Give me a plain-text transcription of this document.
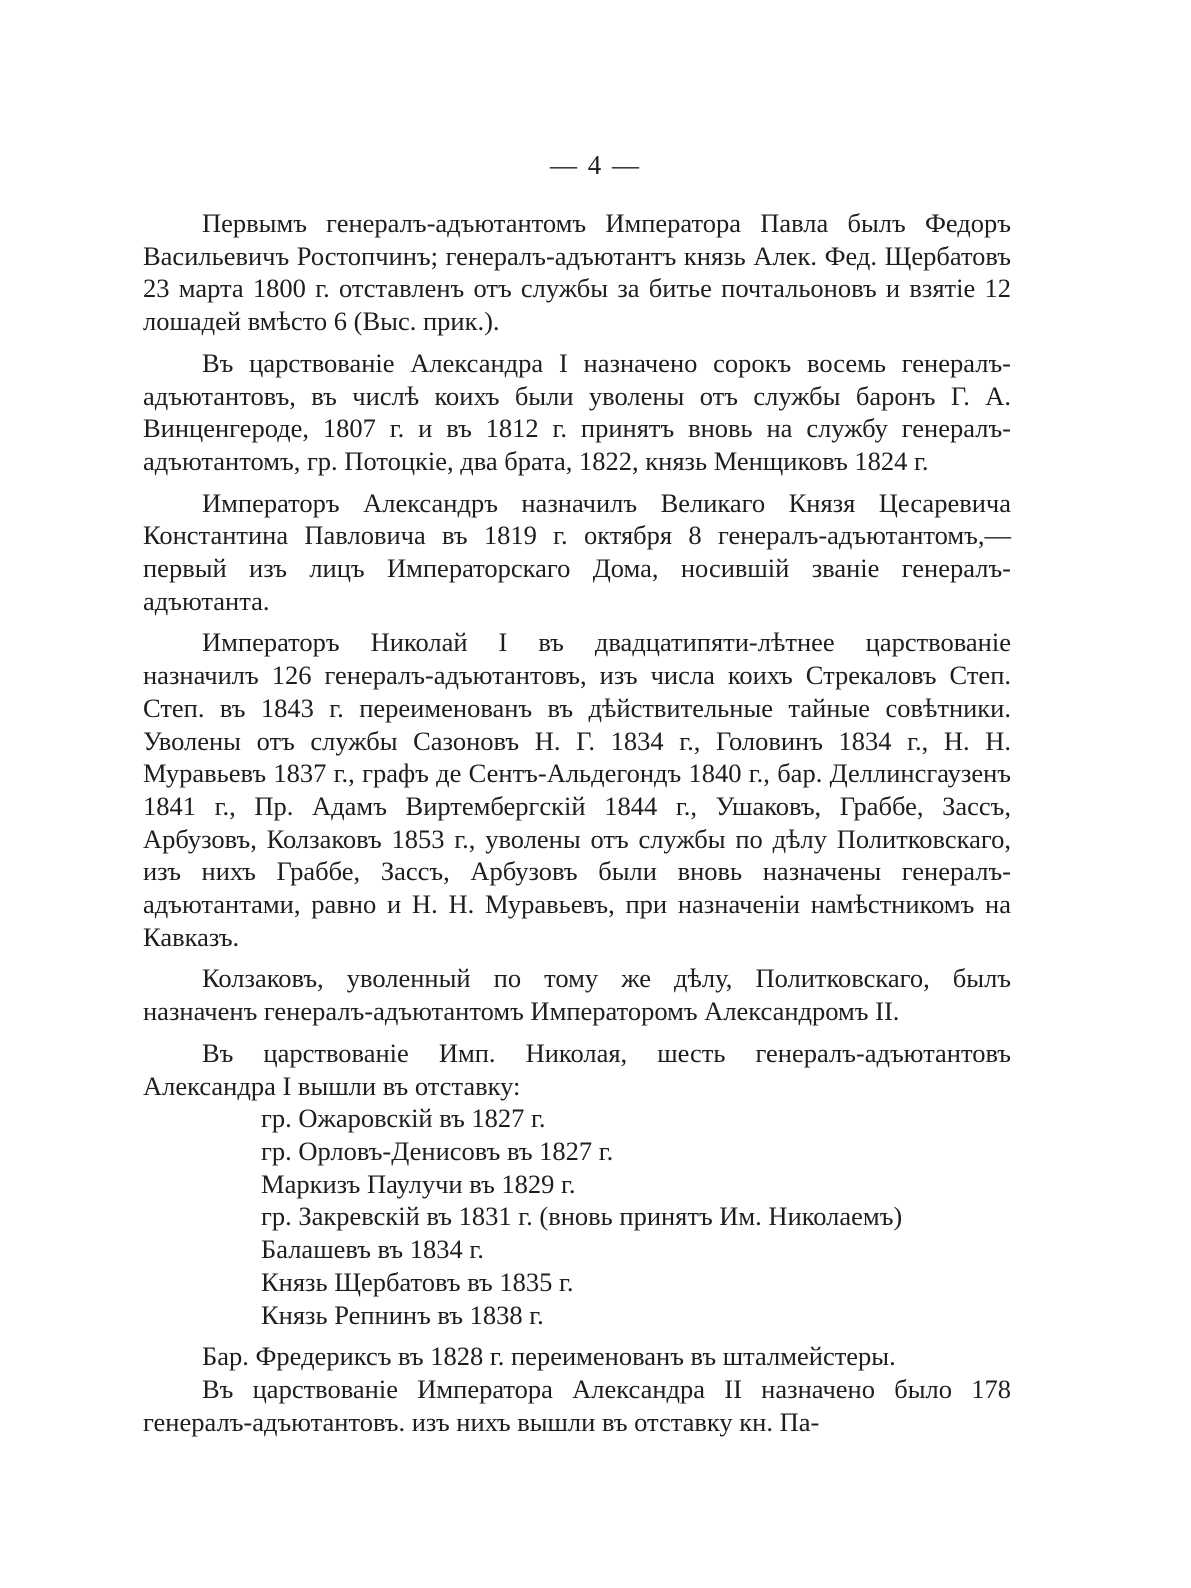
— 4 —

Первымъ генералъ-адъютантомъ Императора Павла былъ Федоръ Васильевичъ Ростопчинъ; генералъ-адъютантъ князь Алек. Фед. Щербатовъ 23 марта 1800 г. отставленъ отъ службы за битье почтальоновъ и взятіе 12 лошадей вмѣсто 6 (Выс. прик.).

Въ царствованіе Александра I назначено сорокъ восемь генералъ-адъютантовъ, въ числѣ коихъ были уволены отъ службы баронъ Г. А. Винценгероде, 1807 г. и въ 1812 г. принятъ вновь на службу генералъ-адъютантомъ, гр. Потоцкіе, два брата, 1822, князь Менщиковъ 1824 г.

Императоръ Александръ назначилъ Великаго Князя Цесаревича Константина Павловича въ 1819 г. октября 8 генералъ-адъютантомъ,—первый изъ лицъ Императорскаго Дома, носившій званіе генералъ-адъютанта.

Императоръ Николай I въ двадцатипяти-лѣтнее царствованіе назначилъ 126 генералъ-адъютантовъ, изъ числа коихъ Стрекаловъ Степ. Степ. въ 1843 г. переименованъ въ дѣйствительные тайные совѣтники. Уволены отъ службы Сазоновъ Н. Г. 1834 г., Головинъ 1834 г., Н. Н. Муравьевъ 1837 г., графъ де Сентъ-Альдегондъ 1840 г., бар. Деллинсгаузенъ 1841 г., Пр. Адамъ Виртембергскій 1844 г., Ушаковъ, Граббе, Зассъ, Арбузовъ, Колзаковъ 1853 г., уволены отъ службы по дѣлу Политковскаго, изъ нихъ Граббе, Зассъ, Арбузовъ были вновь назначены генералъ-адъютантами, равно и Н. Н. Муравьевъ, при назначеніи намѣстникомъ на Кавказъ.

Колзаковъ, уволенный по тому же дѣлу, Политковскаго, былъ назначенъ генералъ-адъютантомъ Императоромъ Александромъ II.

Въ царствованіе Имп. Николая, шесть генералъ-адъютантовъ Александра I вышли въ отставку:

гр. Ожаровскій въ 1827 г.
гр. Орловъ-Денисовъ въ 1827 г.
Маркизъ Паулучи въ 1829 г.
гр. Закревскій въ 1831 г. (вновь принятъ Им. Николаемъ)
Балашевъ въ 1834 г.
Князь Щербатовъ въ 1835 г.
Князь Репнинъ въ 1838 г.

Бар. Фредериксъ въ 1828 г. переименованъ въ шталмейстеры.

Въ царствованіе Императора Александра II назначено было 178 генералъ-адъютантовъ. изъ нихъ вышли въ отставку кн. Па-
